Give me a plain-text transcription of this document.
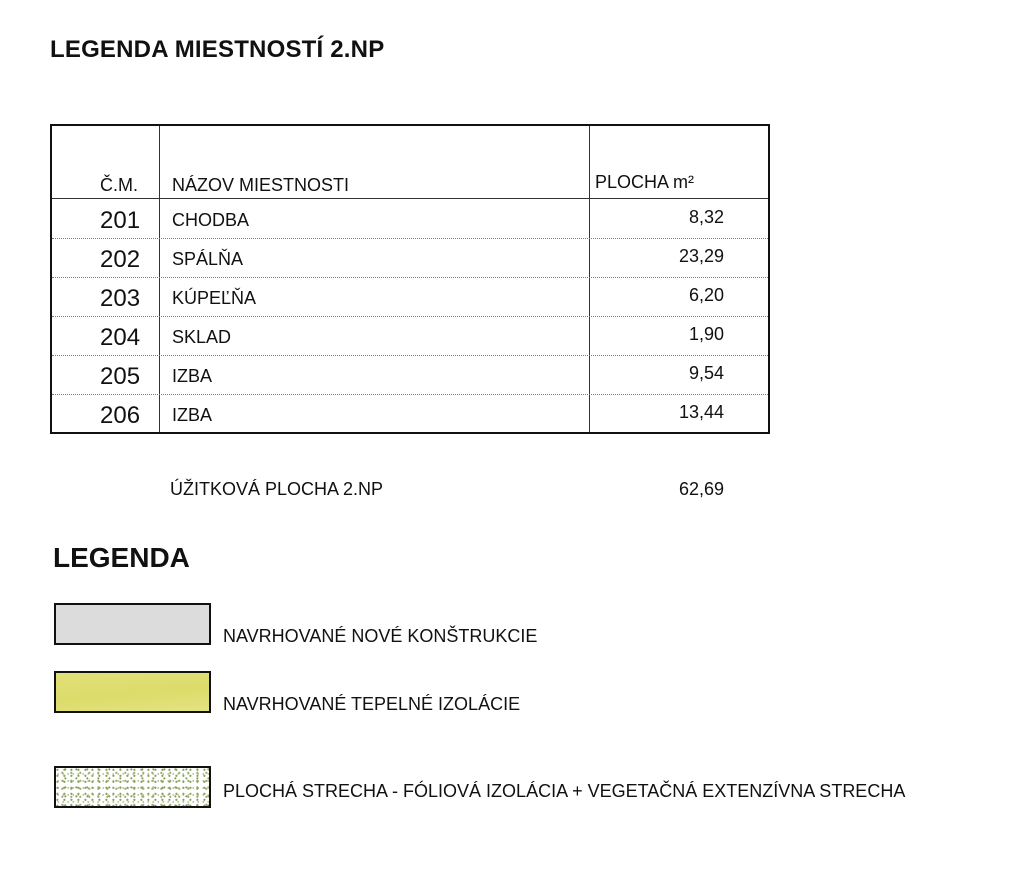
LEGENDA MIESTNOSTÍ 2.NP
Č.M. NÁZOV MIESTNOSTI	PLOCHA m²
201 CHODBA	8,32
202 SPÁLŇA	23,29
203 KÚPEĽŇA	6,20
204 SKLAD	1,90
205 IZBA	9,54
206 IZBA	13,44
ÚŽITKOVÁ PLOCHA 2.NP	62,69
LEGENDA
NAVRHOVANÉ NOVÉ KONŠTRUKCIE
NAVRHOVANÉ TEPELNÉ IZOLÁCIE
PLOCHÁ STRECHA - FÓLIOVÁ IZOLÁCIA + VEGETAČNÁ EXTENZÍVNA STRECHA
